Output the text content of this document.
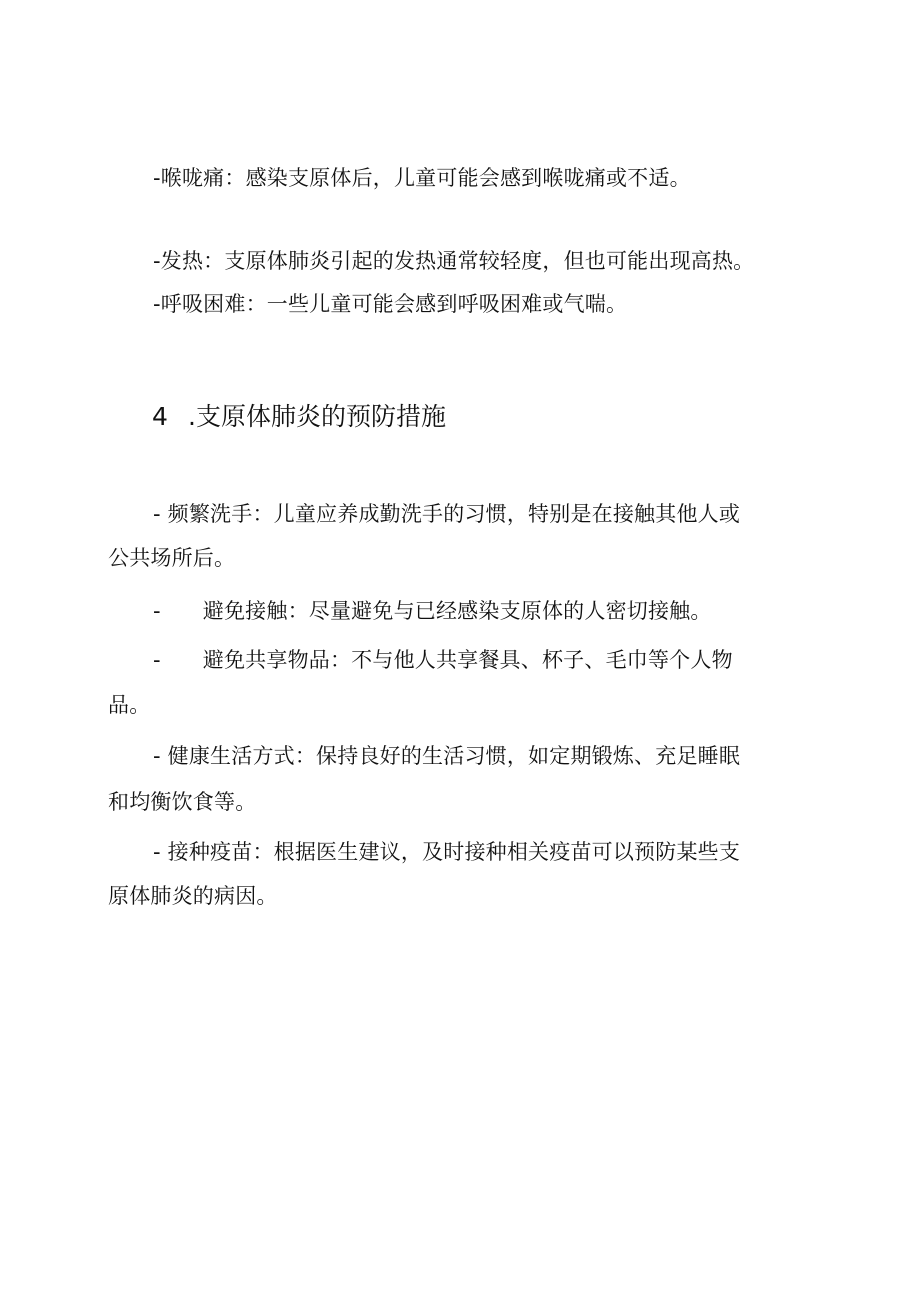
-喉咙痛：感染支原体后，儿童可能会感到喉咙痛或不适。
-发热：支原体肺炎引起的发热通常较轻度，但也可能出现高热。
-呼吸困难：一些儿童可能会感到呼吸困难或气喘。
4 .支原体肺炎的预防措施
- 频繁洗手：儿童应养成勤洗手的习惯，特别是在接触其他人或
公共场所后。
- 避免接触：尽量避免与已经感染支原体的人密切接触。
- 避免共享物品：不与他人共享餐具、杯子、毛巾等个人物
品。
- 健康生活方式：保持良好的生活习惯，如定期锻炼、充足睡眠
和均衡饮食等。
- 接种疫苗：根据医生建议，及时接种相关疫苗可以预防某些支
原体肺炎的病因。
